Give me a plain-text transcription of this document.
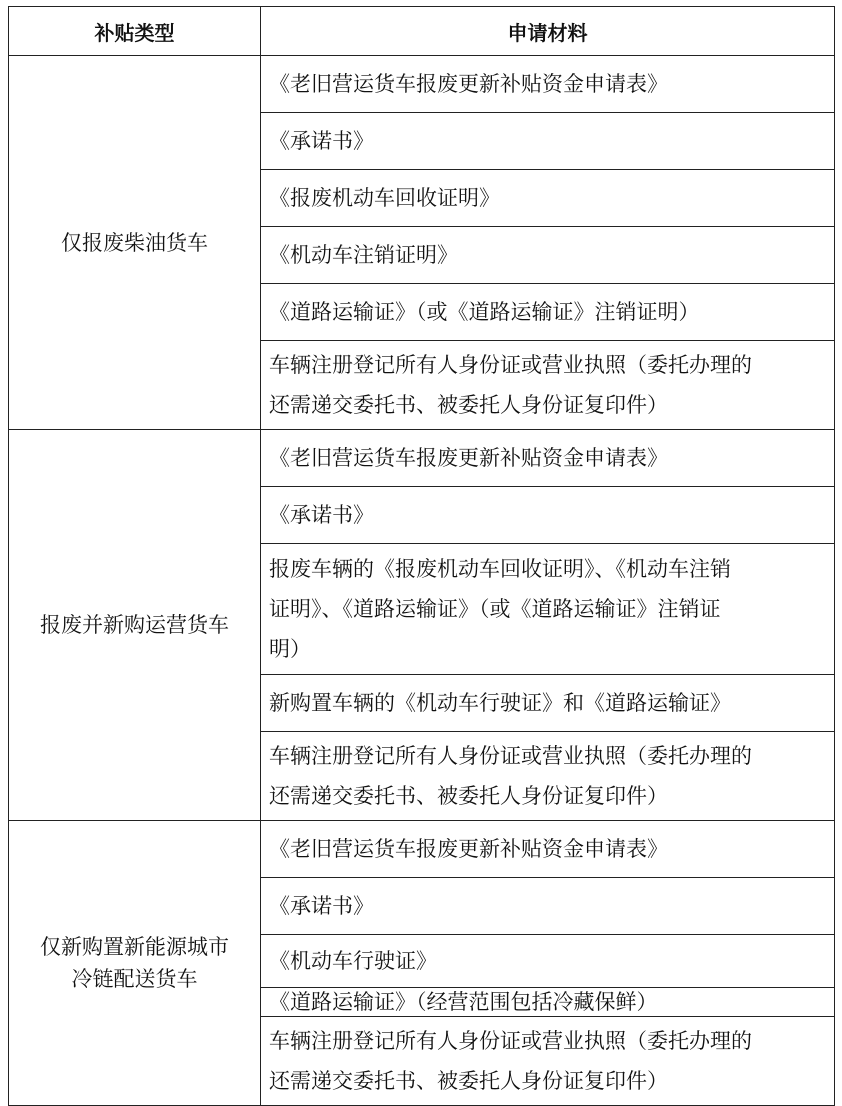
补贴类型	申请材料
仅报废柴油货车	《老旧营运货车报废更新补贴资金申请表》
	《承诺书》
	《报废机动车回收证明》
	《机动车注销证明》
	《道路运输证》（或《道路运输证》注销证明）
	车辆注册登记所有人身份证或营业执照（委托办理的
还需递交委托书、被委托人身份证复印件）
报废并新购运营货车	《老旧营运货车报废更新补贴资金申请表》
	《承诺书》
	报废车辆的《报废机动车回收证明》、《机动车注销
证明》、《道路运输证》（或《道路运输证》注销证
明）
	新购置车辆的《机动车行驶证》和《道路运输证》
	车辆注册登记所有人身份证或营业执照（委托办理的
还需递交委托书、被委托人身份证复印件）
仅新购置新能源城市
冷链配送货车	《老旧营运货车报废更新补贴资金申请表》
	《承诺书》
	《机动车行驶证》
	《道路运输证》（经营范围包括冷藏保鲜）
	车辆注册登记所有人身份证或营业执照（委托办理的
还需递交委托书、被委托人身份证复印件）
